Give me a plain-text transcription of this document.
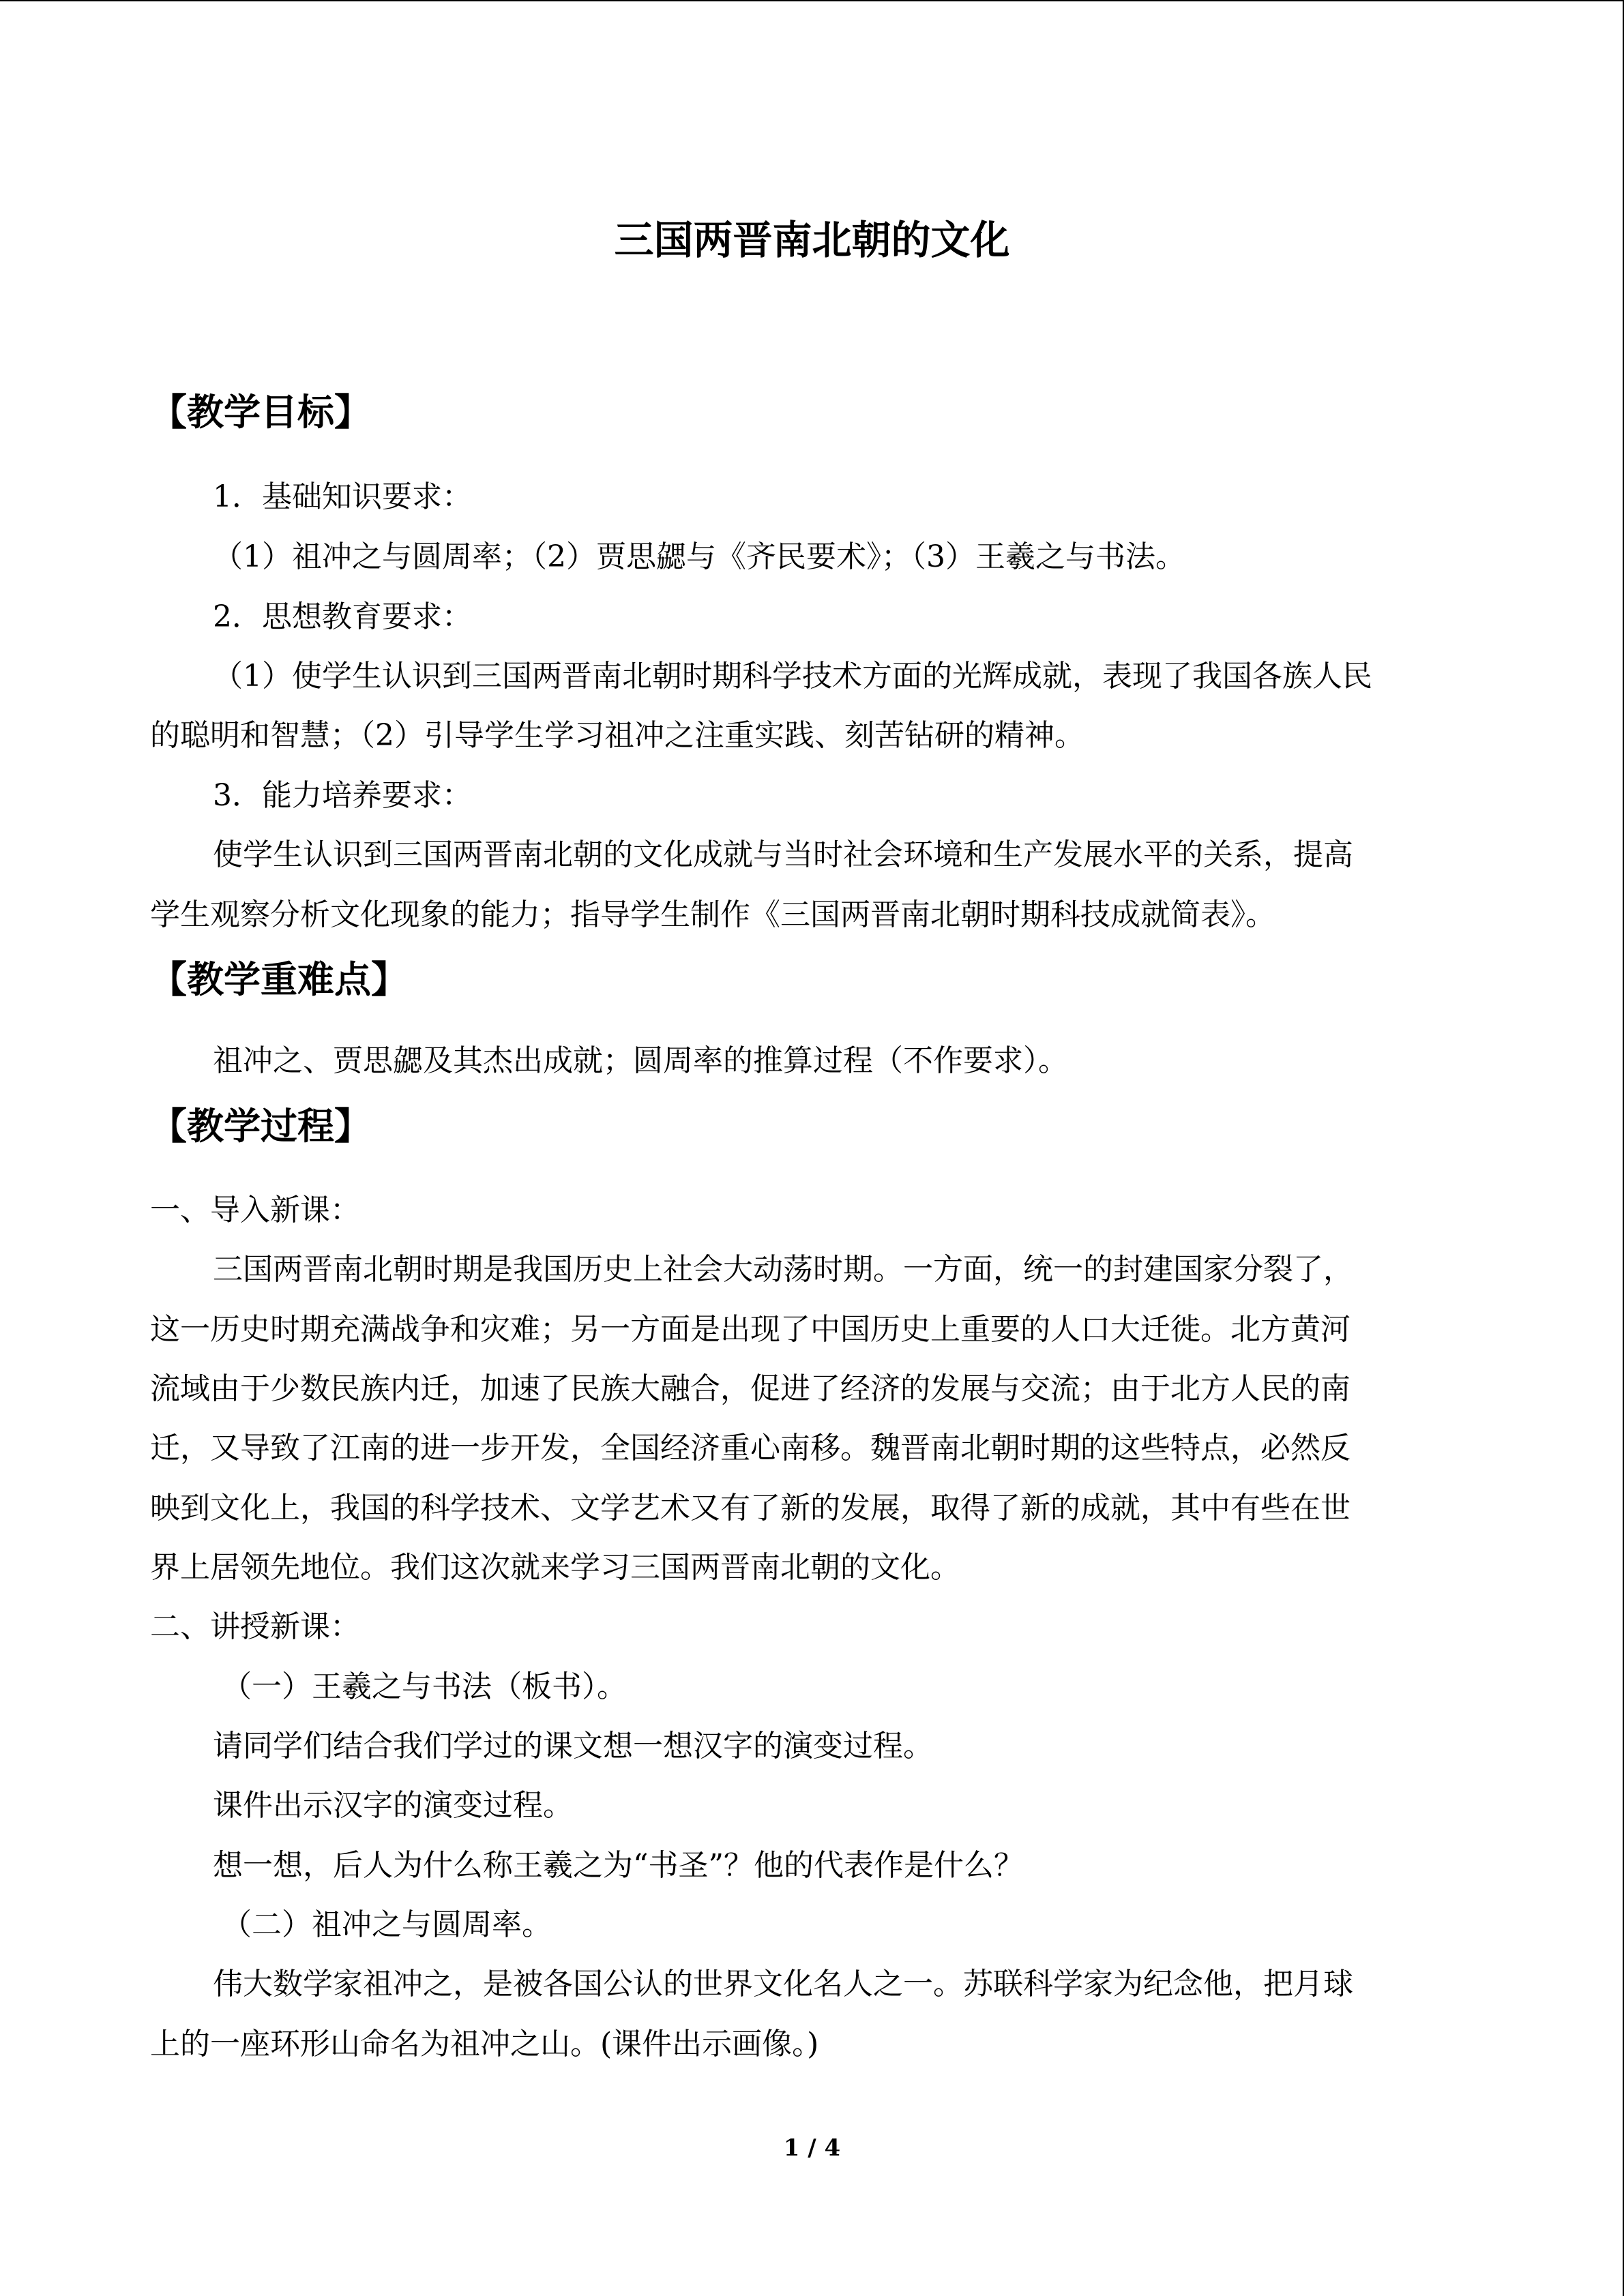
三国两晋南北朝的文化
【教学目标】
1．基础知识要求：
（1）祖冲之与圆周率；（2）贾思勰与《齐民要术》；（3）王羲之与书法。
2．思想教育要求：
（1）使学生认识到三国两晋南北朝时期科学技术方面的光辉成就，表现了我国各族人民
的聪明和智慧；（2）引导学生学习祖冲之注重实践、刻苦钻研的精神。
3．能力培养要求：
使学生认识到三国两晋南北朝的文化成就与当时社会环境和生产发展水平的关系，提高
学生观察分析文化现象的能力；指导学生制作《三国两晋南北朝时期科技成就简表》。
【教学重难点】
祖冲之、贾思勰及其杰出成就；圆周率的推算过程（不作要求）。
【教学过程】
一、导入新课：
三国两晋南北朝时期是我国历史上社会大动荡时期。一方面，统一的封建国家分裂了，
这一历史时期充满战争和灾难；另一方面是出现了中国历史上重要的人口大迁徙。北方黄河
流域由于少数民族内迁，加速了民族大融合，促进了经济的发展与交流；由于北方人民的南
迁，又导致了江南的进一步开发，全国经济重心南移。魏晋南北朝时期的这些特点，必然反
映到文化上，我国的科学技术、文学艺术又有了新的发展，取得了新的成就，其中有些在世
界上居领先地位。我们这次就来学习三国两晋南北朝的文化。
二、讲授新课：
（一）王羲之与书法（板书）。
请同学们结合我们学过的课文想一想汉字的演变过程。
课件出示汉字的演变过程。
想一想，后人为什么称王羲之为“书圣”？他的代表作是什么？
（二）祖冲之与圆周率。
伟大数学家祖冲之，是被各国公认的世界文化名人之一。苏联科学家为纪念他，把月球
上的一座环形山命名为祖冲之山。(课件出示画像。)
1 / 4
